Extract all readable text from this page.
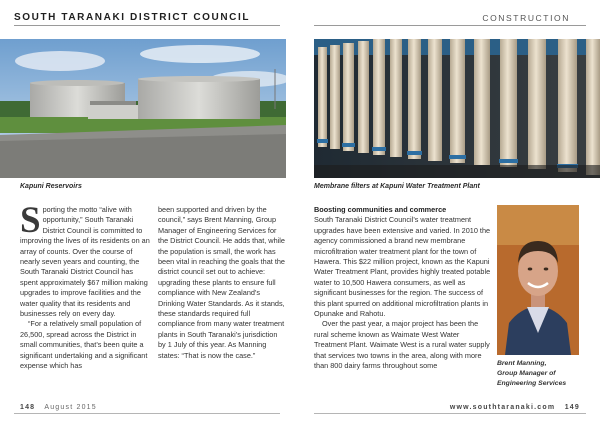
SOUTH TARANAKI DISTRICT COUNCIL	CONSTRUCTION
Kapuni Reservoirs	Membrane filters at Kapuni Water Treatment Plant
S porting the motto “alive with opportunity,” South Taranaki District Council is committed to improving the lives of its residents on an array of counts. Over the course of nearly seven years and counting, the South Taranaki District Council has spent approximately $67 million making upgrades to improve facilities and the water quality that its residents and businesses rely on every day.

“For a relatively small population of 26,500, spread across the District in small communities, that’s been quite a significant undertaking and a significant expense which has

been supported and driven by the council,” says Brent Manning, Group Manager of Engineering Services for the District Council. He adds that, while the population is small, the work has been vital in reaching the goals that the district council set out to achieve: upgrading these plants to ensure full compliance with New Zealand’s Drinking Water Standards. As it stands, these standards required full compliance from many water treatment plants in South Taranaki’s jurisdiction by 1 July of this year. As Manning states: “That is now the case.”

Boosting communities and commerce

South Taranaki District Council’s water treatment upgrades have been extensive and varied. In 2010 the agency commissioned a brand new membrane microfiltration water treatment plant for the town of Hawera. This $22 million project, known as the Kapuni Water Treatment Plant, provides highly treated potable water to 10,500 Hawera consumers, as well as significant businesses for the region. The success of this plant spurred on additional microfiltration plants in Opunake and Rahotu.

Over the past year, a major project has been the rural scheme known as Waimate West Water Treatment Plant. Waimate West is a rural water supply that services two towns in the area, along with more than 800 dairy farms throughout some	Brent Manning,
Group Manager of
Engineering Services
148 August 2015	www.southtaranaki.com 149
